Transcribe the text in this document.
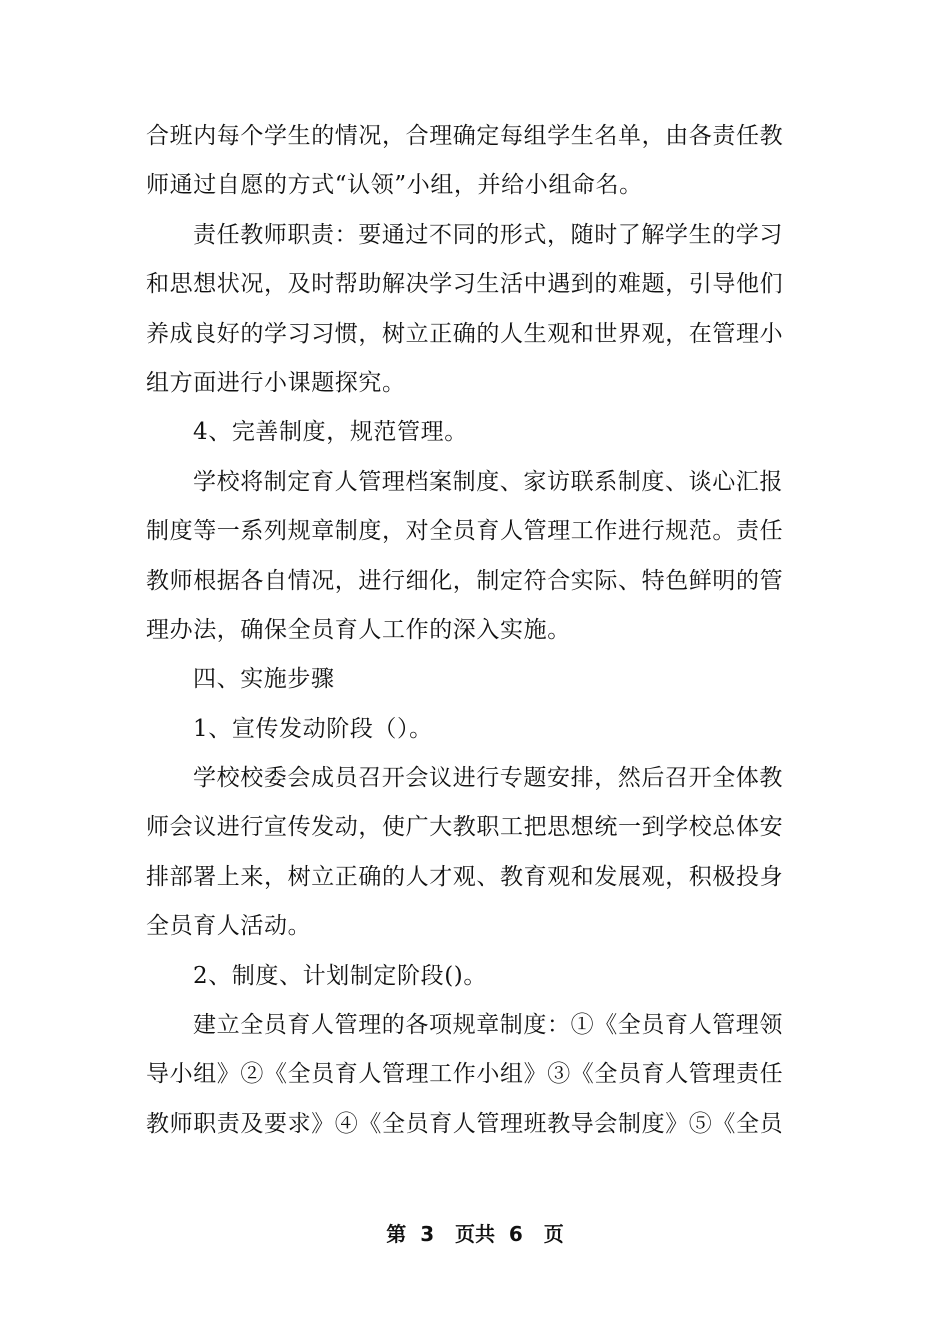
合班内每个学生的情况，合理确定每组学生名单，由各责任教
师通过自愿的方式“认领”小组，并给小组命名。
责任教师职责：要通过不同的形式，随时了解学生的学习
和思想状况，及时帮助解决学习生活中遇到的难题，引导他们
养成良好的学习习惯，树立正确的人生观和世界观，在管理小
组方面进行小课题探究。
4、完善制度，规范管理。
学校将制定育人管理档案制度、家访联系制度、谈心汇报
制度等一系列规章制度，对全员育人管理工作进行规范。责任
教师根据各自情况，进行细化，制定符合实际、特色鲜明的管
理办法，确保全员育人工作的深入实施。
四、实施步骤
1、宣传发动阶段（）。
学校校委会成员召开会议进行专题安排，然后召开全体教
师会议进行宣传发动，使广大教职工把思想统一到学校总体安
排部署上来，树立正确的人才观、教育观和发展观，积极投身
全员育人活动。
2、制度、计划制定阶段()。
建立全员育人管理的各项规章制度：①《全员育人管理领
导小组》②《全员育人管理工作小组》③《全员育人管理责任
教师职责及要求》④《全员育人管理班教导会制度》⑤《全员
第  3   页共  6   页
